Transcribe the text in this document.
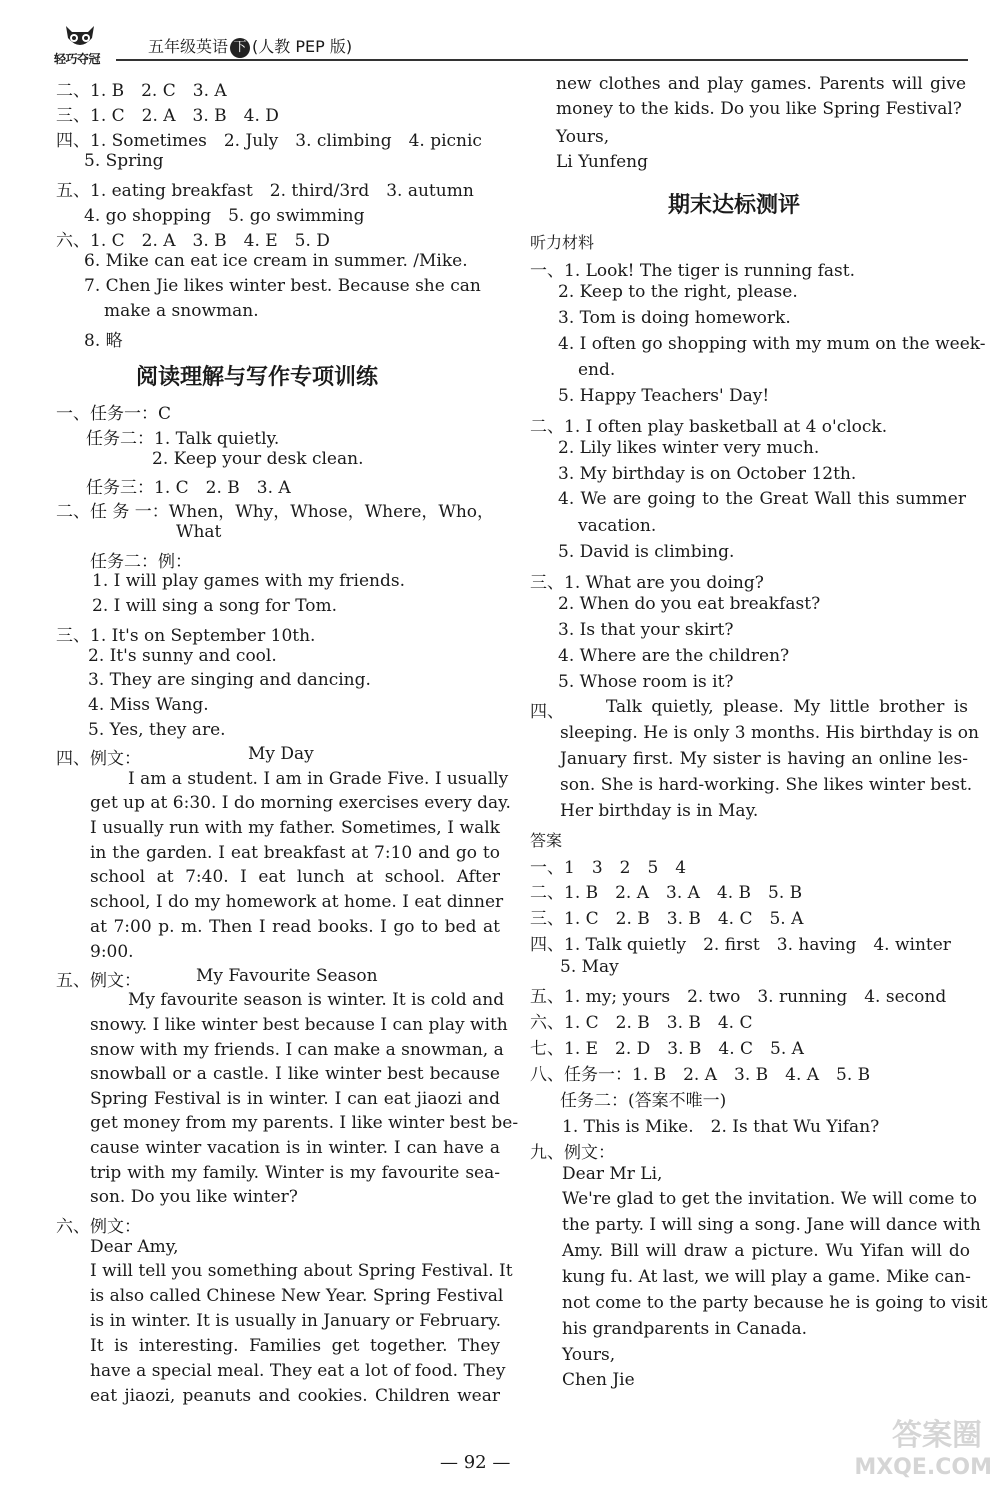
轻巧夺冠
五年级英语 下 (人教 PEP 版)
二、1. B　2. C　3. A
三、1. C　2. A　3. B　4. D
四、1. Sometimes　2. July　3. climbing　4. picnic
5. Spring
五、1. eating breakfast　2. third/3rd　3. autumn
4. go shopping　5. go swimming
六、1. C　2. A　3. B　4. E　5. D
6. Mike can eat ice cream in summer. /Mike.
7. Chen Jie likes winter best. Because she can
make a snowman.
8. 略
阅读理解与写作专项训练
一、任务一：C
任务二：1. Talk quietly.
2. Keep your desk clean.
任务三：1. C　2. B　3. A
二、任 务 一：When，Why，Whose，Where，Who，
What
任务二：例：
1. I will play games with my friends.
2. I will sing a song for Tom.
三、1. It's on September 10th.
2. It's sunny and cool.
3. They are singing and dancing.
4. Miss Wang.
5. Yes, they are.
四、例文：	My Day
I am a student. I am in Grade Five. I usually
get up at 6:30. I do morning exercises every day.
I usually run with my father. Sometimes, I walk
in the garden. I eat breakfast at 7:10 and go to
school at 7:40. I eat lunch at school. After
school, I do my homework at home. I eat dinner
at 7:00 p. m. Then I read books. I go to bed at
9:00.
五、例文：	My Favourite Season
My favourite season is winter. It is cold and
snowy. I like winter best because I can play with
snow with my friends. I can make a snowman, a
snowball or a castle. I like winter best because
Spring Festival is in winter. I can eat jiaozi and
get money from my parents. I like winter best be-
cause winter vacation is in winter. I can have a
trip with my family. Winter is my favourite sea-
son. Do you like winter?
六、例文：
Dear Amy,
I will tell you something about Spring Festival. It
is also called Chinese New Year. Spring Festival
is in winter. It is usually in January or February.
It is interesting. Families get together. They
have a special meal. They eat a lot of food. They
eat jiaozi, peanuts and cookies. Children wear
new clothes and play games. Parents will give
money to the kids. Do you like Spring Festival?
Yours,
Li Yunfeng
期末达标测评
听力材料
一、1. Look! The tiger is running fast.
2. Keep to the right, please.
3. Tom is doing homework.
4. I often go shopping with my mum on the week-
end.
5. Happy Teachers' Day!
二、1. I often play basketball at 4 o'clock.
2. Lily likes winter very much.
3. My birthday is on October 12th.
4. We are going to the Great Wall this summer
vacation.
5. David is climbing.
三、1. What are you doing?
2. When do you eat breakfast?
3. Is that your skirt?
4. Where are the children?
5. Whose room is it?
四、 Talk quietly, please. My little brother is
sleeping. He is only 3 months. His birthday is on
January first. My sister is having an online les-
son. She is hard-working. She likes winter best.
Her birthday is in May.
答案
一、1　3　2　5　4
二、1. B　2. A　3. A　4. B　5. B
三、1. C　2. B　3. B　4. C　5. A
四、1. Talk quietly　2. first　3. having　4. winter
5. May
五、1. my; yours　2. two　3. running　4. second
六、1. C　2. B　3. B　4. C
七、1. E　2. D　3. B　4. C　5. A
八、任务一：1. B　2. A　3. B　4. A　5. B
任务二：(答案不唯一)
1. This is Mike.　2. Is that Wu Yifan?
九、例文：
Dear Mr Li,
We're glad to get the invitation. We will come to
the party. I will sing a song. Jane will dance with
Amy. Bill will draw a picture. Wu Yifan will do
kung fu. At last, we will play a game. Mike can-
not come to the party because he is going to visit
his grandparents in Canada.
Yours,
Chen Jie
— 92 —
答案圈
MXQE.COM
